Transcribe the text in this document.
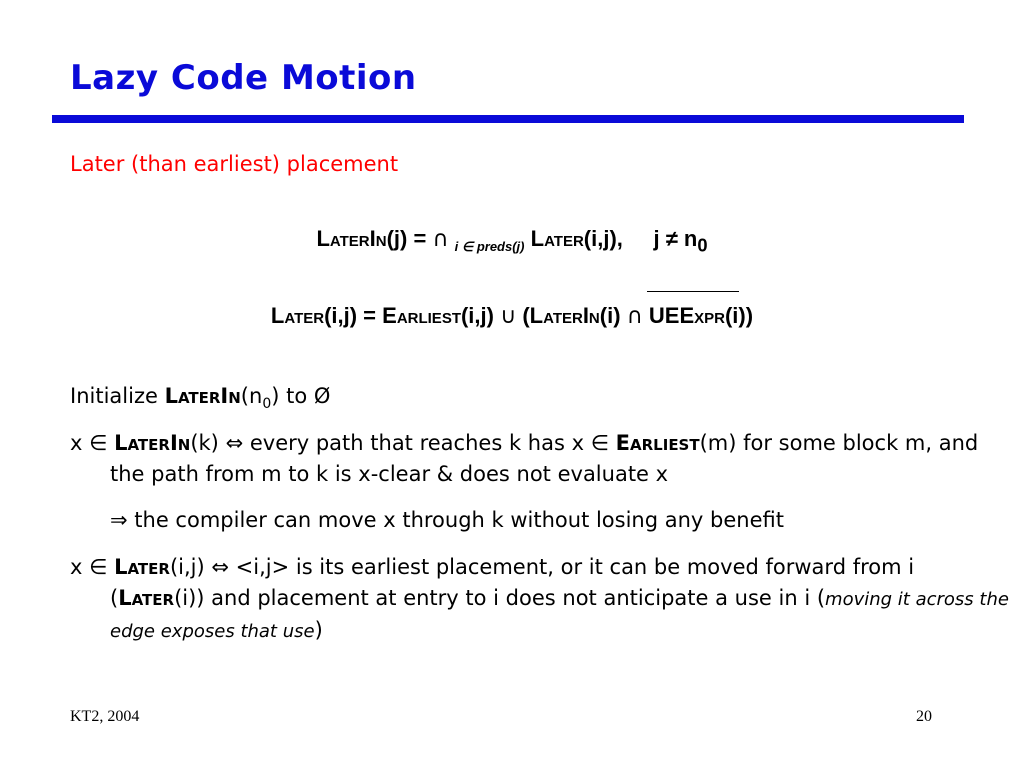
Lazy Code Motion
Later (than earliest) placement
LaterIn(j) = ∩ $_{i \in preds(j)}$ Later(i,j), $j \ne n_0$
Later(i,j) = Earliest(i,j) ∪ (LaterIn(i) ∩ UEExpr(i))
Initialize $LaterIn(n_0)$ to Ø
x ∈ LaterIn(k) ⇔ every path that reaches k has x ∈ Earliest(m) for some block m, and the path from m to k is x-clear & does not evaluate x
⇒ the compiler can move x through k without losing any benefit
x ∈ Later(i,j) ⇔ <i,j> is its earliest placement, or it can be moved forward from i (Later(i)) and placement at entry to i does not anticipate a use in i (moving it across the edge exposes that use)
KT2, 2004	20
